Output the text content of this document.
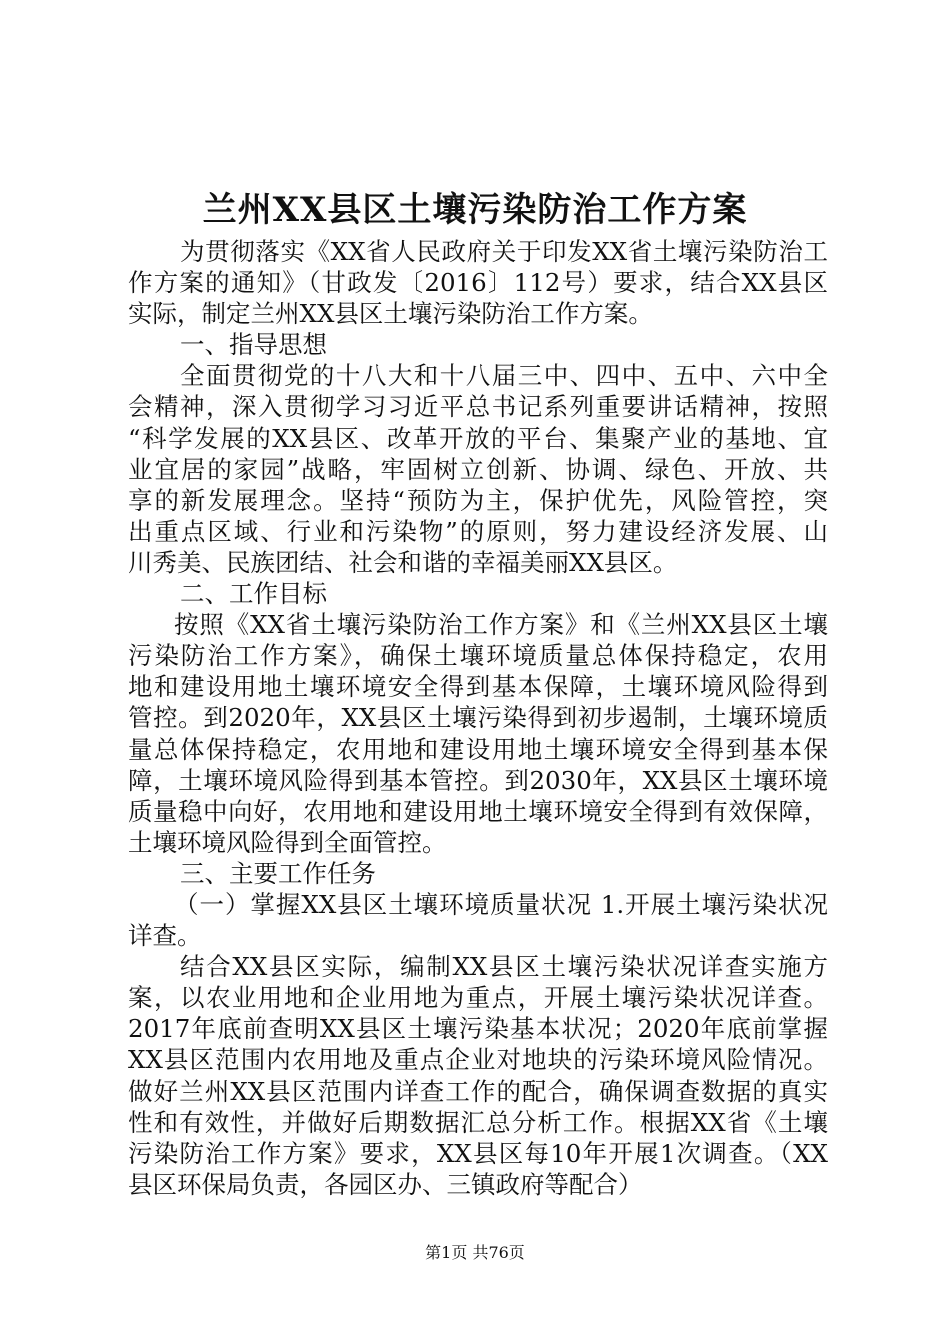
兰州XX县区土壤污染防治工作方案
为贯彻落实《XX省人民政府关于印发XX省土壤污染防治工
作方案的通知》（甘政发〔2016〕112号）要求，结合XX县区
实际，制定兰州XX县区土壤污染防治工作方案。
一、指导思想
全面贯彻党的十八大和十八届三中、四中、五中、六中全
会精神，深入贯彻学习习近平总书记系列重要讲话精神，按照
“科学发展的XX县区、改革开放的平台、集聚产业的基地、宜
业宜居的家园”战略，牢固树立创新、协调、绿色、开放、共
享的新发展理念。坚持“预防为主，保护优先，风险管控，突
出重点区域、行业和污染物”的原则，努力建设经济发展、山
川秀美、民族团结、社会和谐的幸福美丽XX县区。
二、工作目标
按照《XX省土壤污染防治工作方案》和《兰州XX县区土壤
污染防治工作方案》，确保土壤环境质量总体保持稳定，农用
地和建设用地土壤环境安全得到基本保障，土壤环境风险得到
管控。到2020年，XX县区土壤污染得到初步遏制，土壤环境质
量总体保持稳定，农用地和建设用地土壤环境安全得到基本保
障，土壤环境风险得到基本管控。到2030年，XX县区土壤环境
质量稳中向好，农用地和建设用地土壤环境安全得到有效保障，
土壤环境风险得到全面管控。
三、主要工作任务
（一）掌握XX县区土壤环境质量状况 1.开展土壤污染状况
详查。
结合XX县区实际，编制XX县区土壤污染状况详查实施方
案，以农业用地和企业用地为重点，开展土壤污染状况详查。
2017年底前查明XX县区土壤污染基本状况；2020年底前掌握
XX县区范围内农用地及重点企业对地块的污染环境风险情况。
做好兰州XX县区范围内详查工作的配合，确保调查数据的真实
性和有效性，并做好后期数据汇总分析工作。根据XX省《土壤
污染防治工作方案》要求，XX县区每10年开展1次调查。（XX
县区环保局负责，各园区办、三镇政府等配合）
第1页 共76页
